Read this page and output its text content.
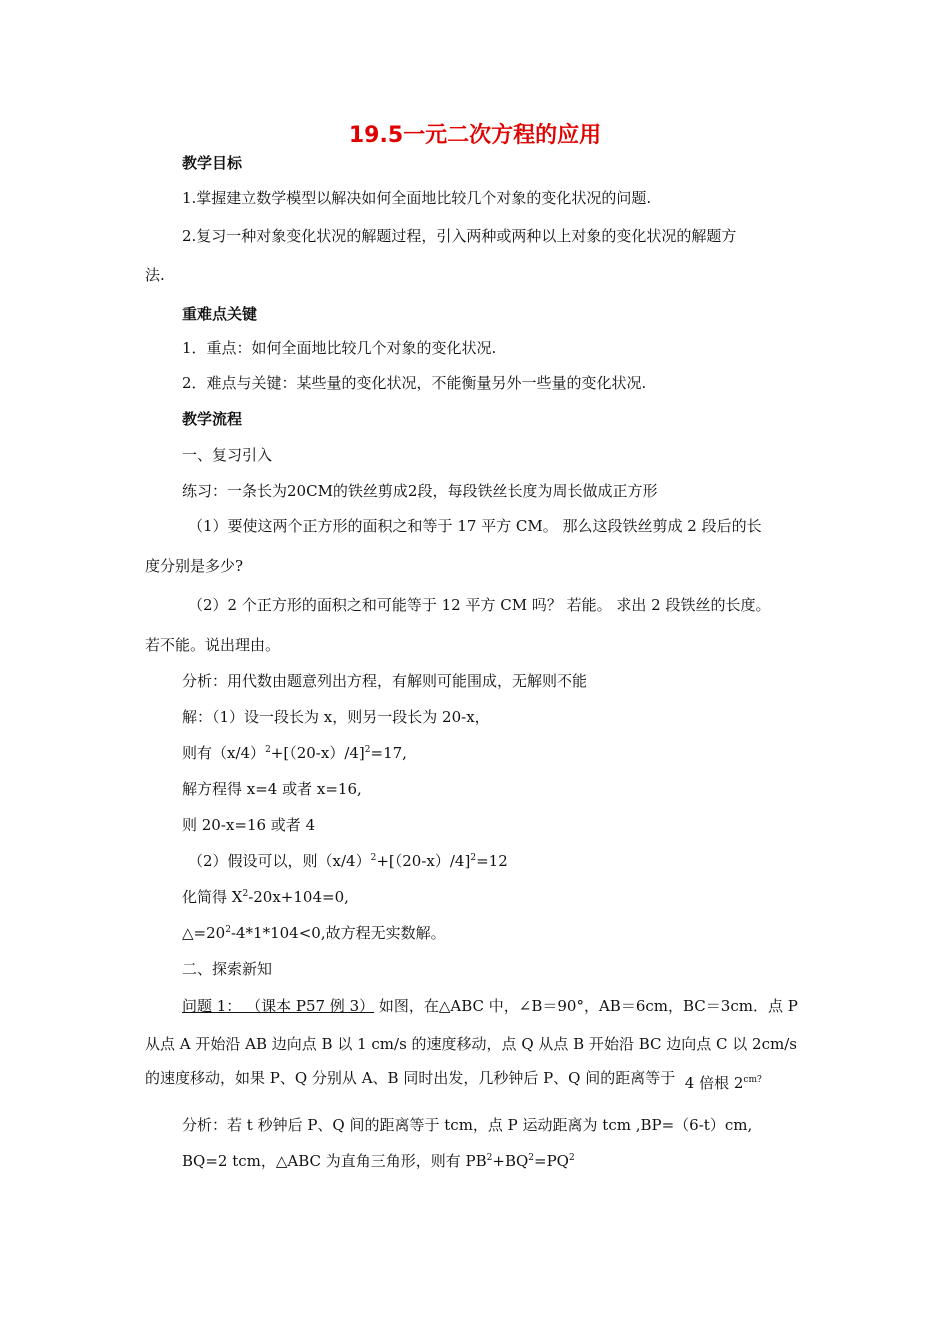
19.5一元二次方程的应用
教学目标
1.掌握建立数学模型以解决如何全面地比较几个对象的变化状况的问题.
2.复习一种对象变化状况的解题过程，引入两种或两种以上对象的变化状况的解题方
法.
重难点关键
1．重点：如何全面地比较几个对象的变化状况.
2．难点与关键：某些量的变化状况，不能衡量另外一些量的变化状况.
教学流程
一、复习引入
练习：一条长为20CM的铁丝剪成2段，每段铁丝长度为周长做成正方形
（1）要使这两个正方形的面积之和等于 17 平方 CM。 那么这段铁丝剪成 2 段后的长
度分别是多少?
（2）2 个正方形的面积之和可能等于 12 平方 CM 吗？ 若能。 求出 2 段铁丝的长度。
若不能。说出理由。
分析：用代数由题意列出方程，有解则可能围成，无解则不能
解：（1）设一段长为 x，则另一段长为 20-x，
则有$(x/4)^2+[(20-x)/4]^2=17$,
解方程得 x=4 或者 x=16,
则 20-x=16 或者 4
（2）假设可以，则$(x/4)^2+[(20-x)/4]^2=12$
化简得 $X^2-20x+104=0$,
$\triangle=20^2-4*1*104<0$,故方程无实数解。
二、探索新知
问题 1： （课本 P57 例 3） 如图，在△ABC 中，∠B＝90°，AB＝6cm，BC＝3cm．点 P
从点 A 开始沿 AB 边向点 B 以 1 cm/s 的速度移动，点 Q 从点 B 开始沿 BC 边向点 C 以 2cm/s
的速度移动，如果 P、Q 分别从 A、B 同时出发，几秒钟后 P、Q 间的距离等于 4 倍根 $2^{cm?}$
分析：若 t 秒钟后 P、Q 间的距离等于 tcm，点 P 运动距离为 tcm ,BP=（6-t）cm,
BQ=2 tcm，△ABC 为直角三角形，则有 $PB^2+BQ^2=PQ^2$
